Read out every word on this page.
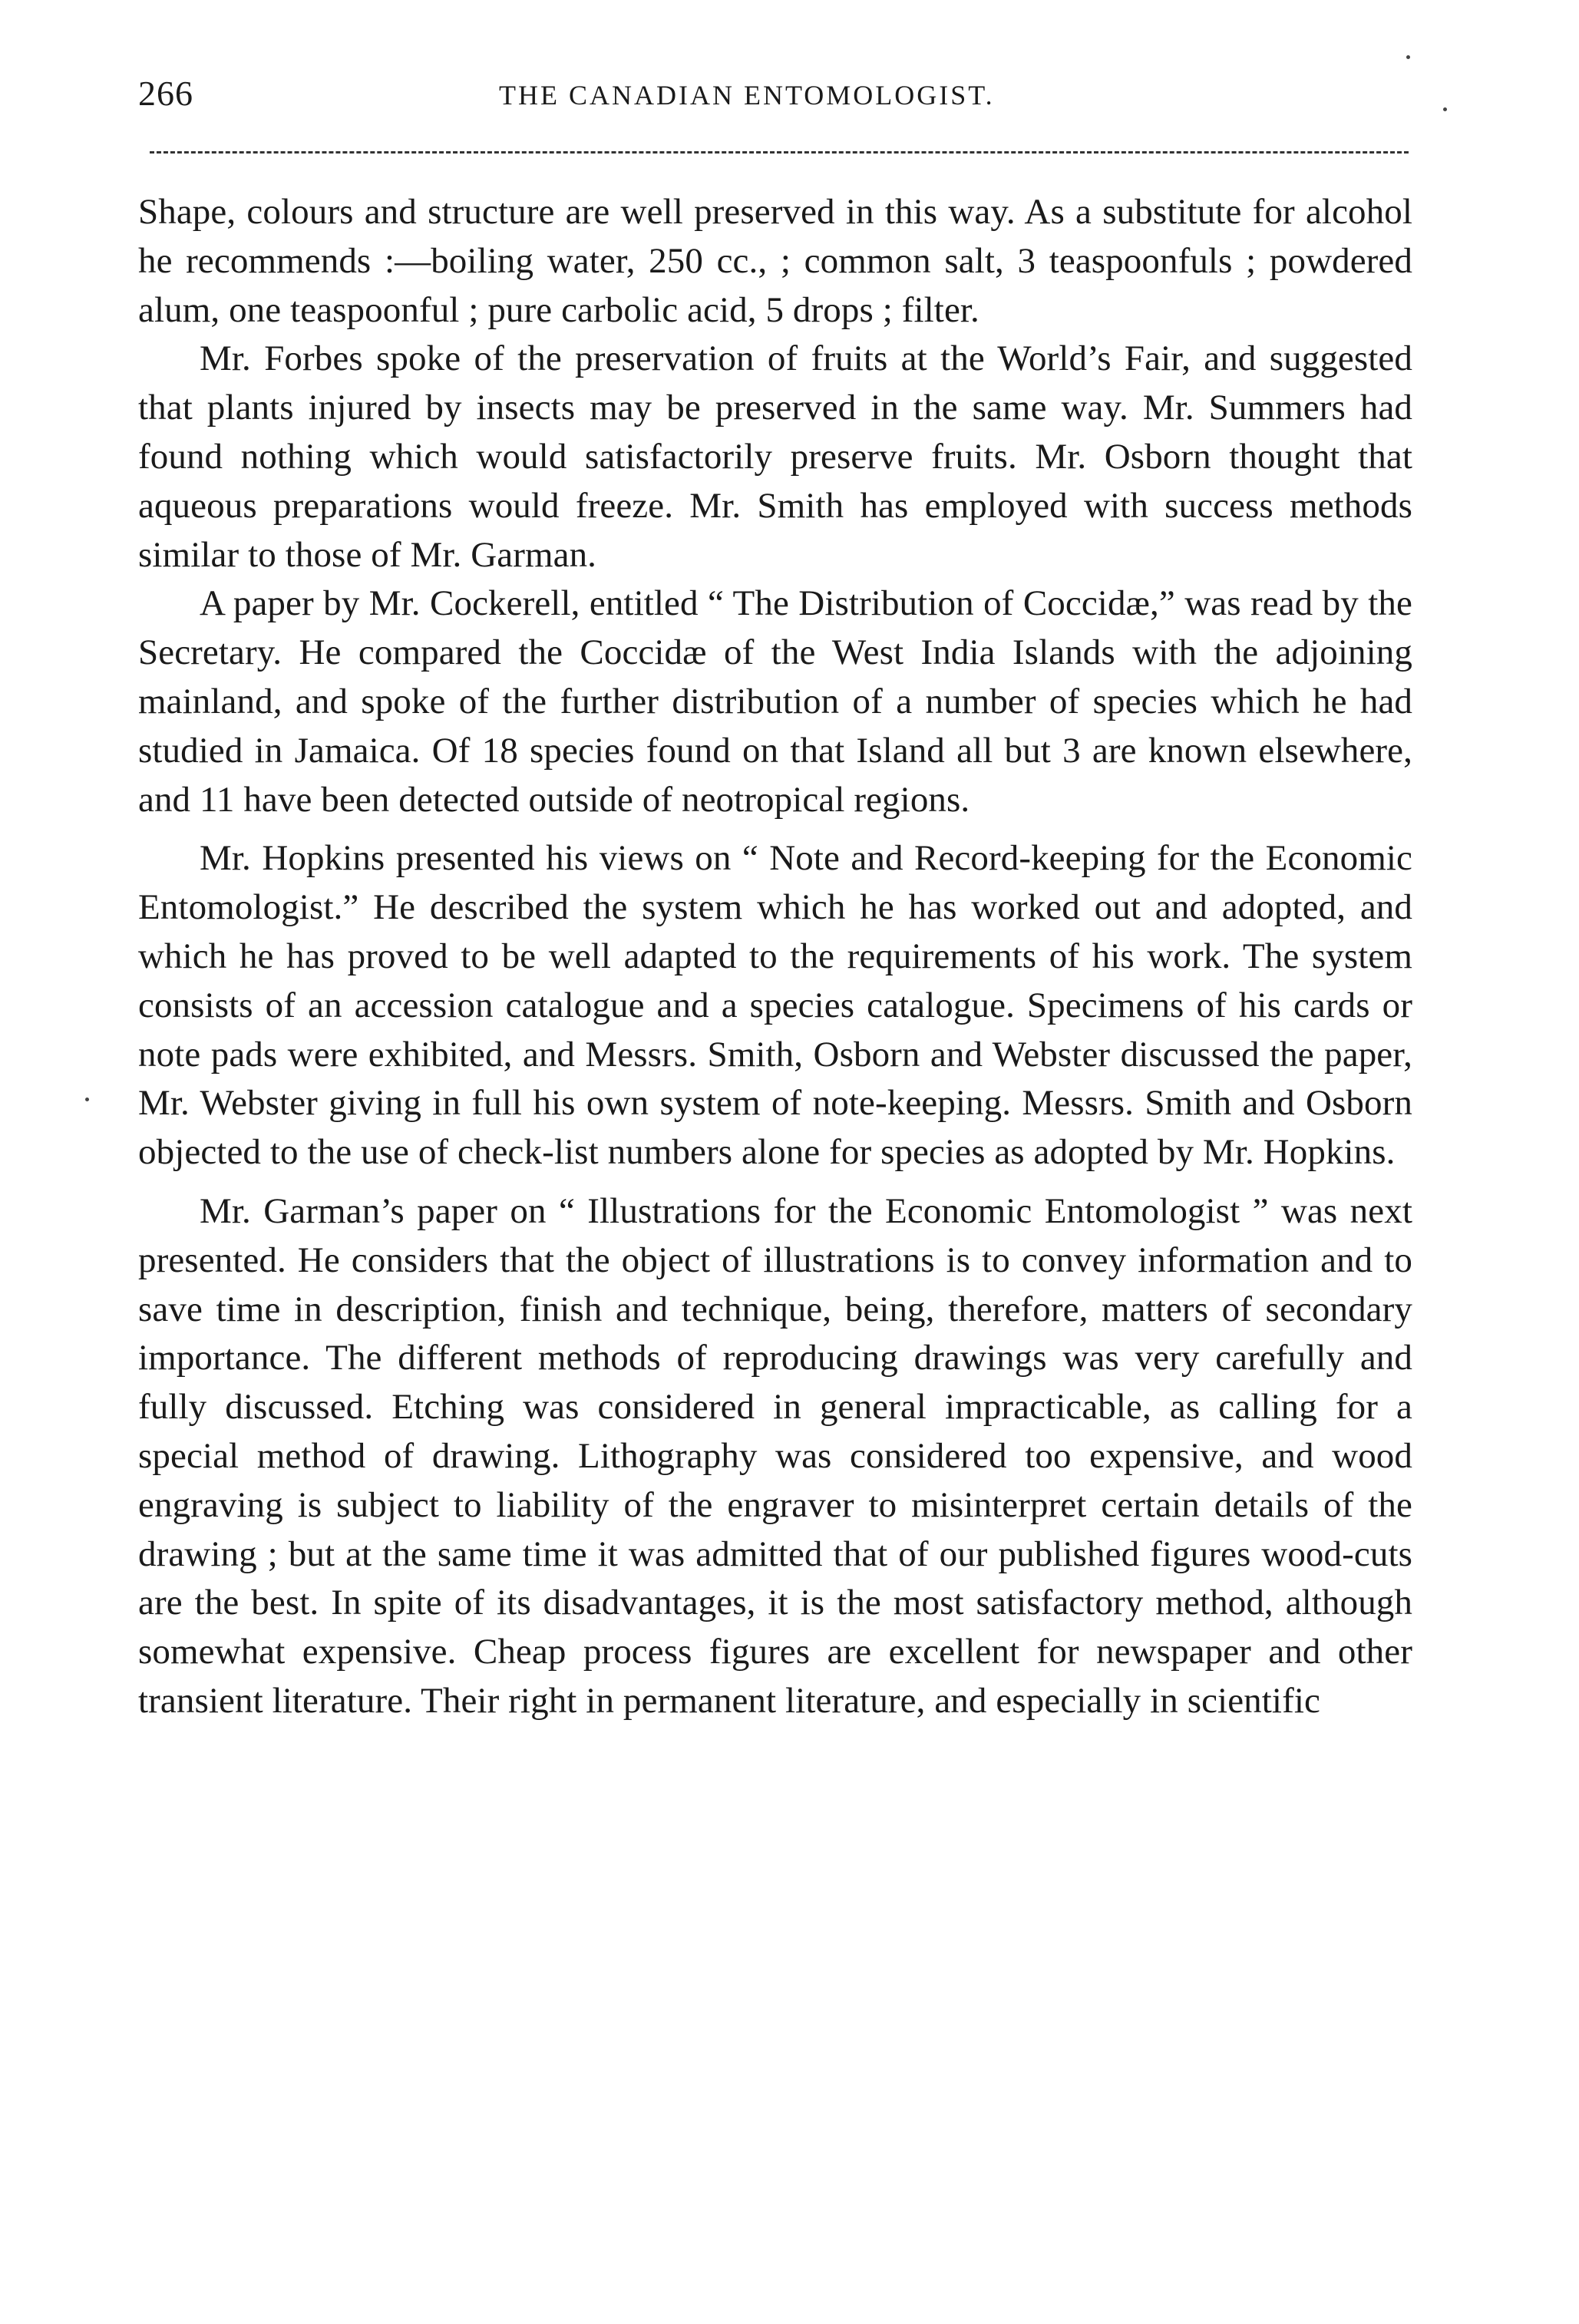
266	THE CANADIAN ENTOMOLOGIST.

Shape, colours and structure are well preserved in this way. As a substitute for alcohol he recommends :—boiling water, 250 cc., ; common salt, 3 teaspoonfuls ; powdered alum, one teaspoonful ; pure carbolic acid, 5 drops ; filter.

Mr. Forbes spoke of the preservation of fruits at the World’s Fair, and suggested that plants injured by insects may be preserved in the same way. Mr. Summers had found nothing which would satisfactorily preserve fruits. Mr. Osborn thought that aqueous preparations would freeze. Mr. Smith has employed with success methods similar to those of Mr. Garman.

A paper by Mr. Cockerell, entitled “ The Distribution of Coccidæ,” was read by the Secretary. He compared the Coccidæ of the West India Islands with the adjoining mainland, and spoke of the further distribution of a number of species which he had studied in Jamaica. Of 18 species found on that Island all but 3 are known elsewhere, and 11 have been detected outside of neotropical regions.

Mr. Hopkins presented his views on “ Note and Record-keeping for the Economic Entomologist.” He described the system which he has worked out and adopted, and which he has proved to be well adapted to the requirements of his work. The system consists of an accession catalogue and a species catalogue. Specimens of his cards or note pads were exhibited, and Messrs. Smith, Osborn and Webster discussed the paper, Mr. Webster giving in full his own system of note-keeping. Messrs. Smith and Osborn objected to the use of check-list numbers alone for species as adopted by Mr. Hopkins.

Mr. Garman’s paper on “ Illustrations for the Economic Entomologist ” was next presented. He considers that the object of illustrations is to convey information and to save time in description, finish and technique, being, therefore, matters of secondary importance. The different methods of reproducing drawings was very carefully and fully discussed. Etching was considered in general impracticable, as calling for a special method of drawing. Lithography was considered too expensive, and wood engraving is subject to liability of the engraver to misinterpret certain details of the drawing ; but at the same time it was admitted that of our published figures wood-cuts are the best. In spite of its disadvantages, it is the most satisfactory method, although somewhat expensive. Cheap process figures are excellent for newspaper and other transient literature. Their right in permanent literature, and especially in scientific
